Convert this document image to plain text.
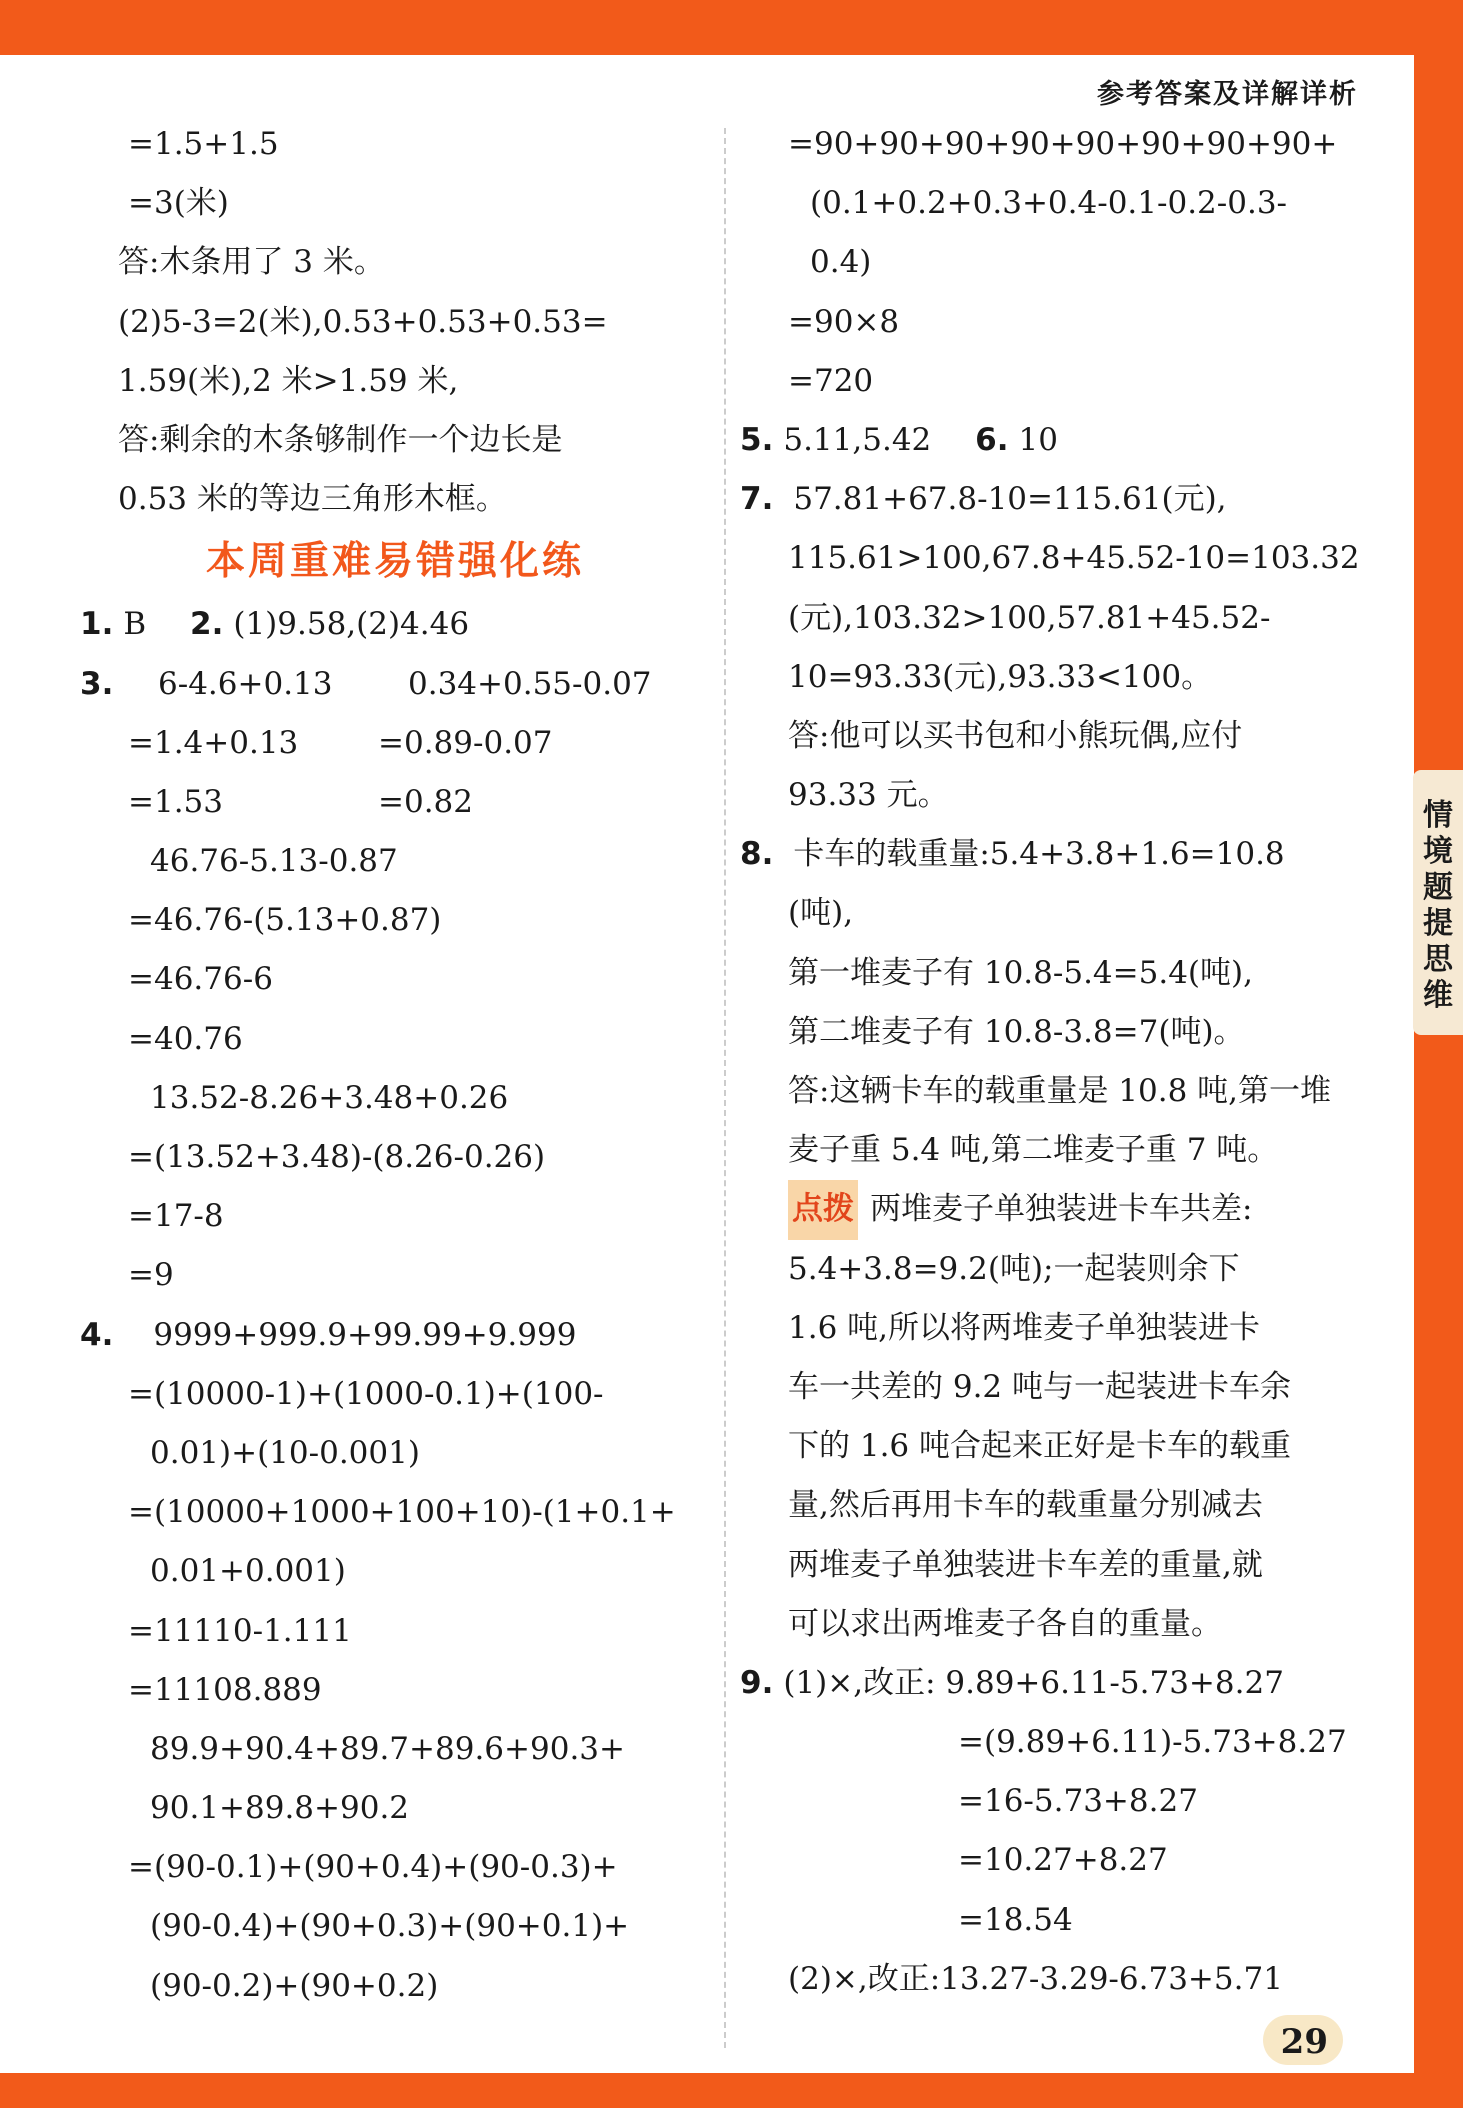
参考答案及详解详析
情境题 提思维
=1.5+1.5
=3(米)
答:木条用了 3 米。
(2)5-3=2(米),0.53+0.53+0.53=
1.59(米),2 米>1.59 米,
答:剩余的木条够制作一个边长是
0.53 米的等边三角形木框。
本周重难易错强化练
1. B 2. (1)9.58,(2)4.46
3. 6-4.6+0.13 0.34+0.55-0.07
=1.4+0.13	=0.89-0.07
=1.53	=0.82
46.76-5.13-0.87
=46.76-(5.13+0.87)
=46.76-6
=40.76
13.52-8.26+3.48+0.26
=(13.52+3.48)-(8.26-0.26)
=17-8
=9
4. 9999+999.9+99.99+9.999
=(10000-1)+(1000-0.1)+(100-
0.01)+(10-0.001)
=(10000+1000+100+10)-(1+0.1+
0.01+0.001)
=11110-1.111
=11108.889
89.9+90.4+89.7+89.6+90.3+
90.1+89.8+90.2
=(90-0.1)+(90+0.4)+(90-0.3)+
(90-0.4)+(90+0.3)+(90+0.1)+
(90-0.2)+(90+0.2)
=90+90+90+90+90+90+90+90+
(0.1+0.2+0.3+0.4-0.1-0.2-0.3-
0.4)
=90×8
=720
5. 5.11,5.42 6. 10
7. 57.81+67.8-10=115.61(元),
115.61>100,67.8+45.52-10=103.32
(元),103.32>100,57.81+45.52-
10=93.33(元),93.33<100。
答:他可以买书包和小熊玩偶,应付
93.33 元。
8. 卡车的载重量:5.4+3.8+1.6=10.8
(吨),
第一堆麦子有 10.8-5.4=5.4(吨),
第二堆麦子有 10.8-3.8=7(吨)。
答:这辆卡车的载重量是 10.8 吨,第一堆
麦子重 5.4 吨,第二堆麦子重 7 吨。
点拨 两堆麦子单独装进卡车共差:
5.4+3.8=9.2(吨);一起装则余下
1.6 吨,所以将两堆麦子单独装进卡
车一共差的 9.2 吨与一起装进卡车余
下的 1.6 吨合起来正好是卡车的载重
量,然后再用卡车的载重量分别减去
两堆麦子单独装进卡车差的重量,就
可以求出两堆麦子各自的重量。
9. (1)×,改正: 9.89+6.11-5.73+8.27
=(9.89+6.11)-5.73+8.27
=16-5.73+8.27
=10.27+8.27
=18.54
(2)×,改正:13.27-3.29-6.73+5.71
29
